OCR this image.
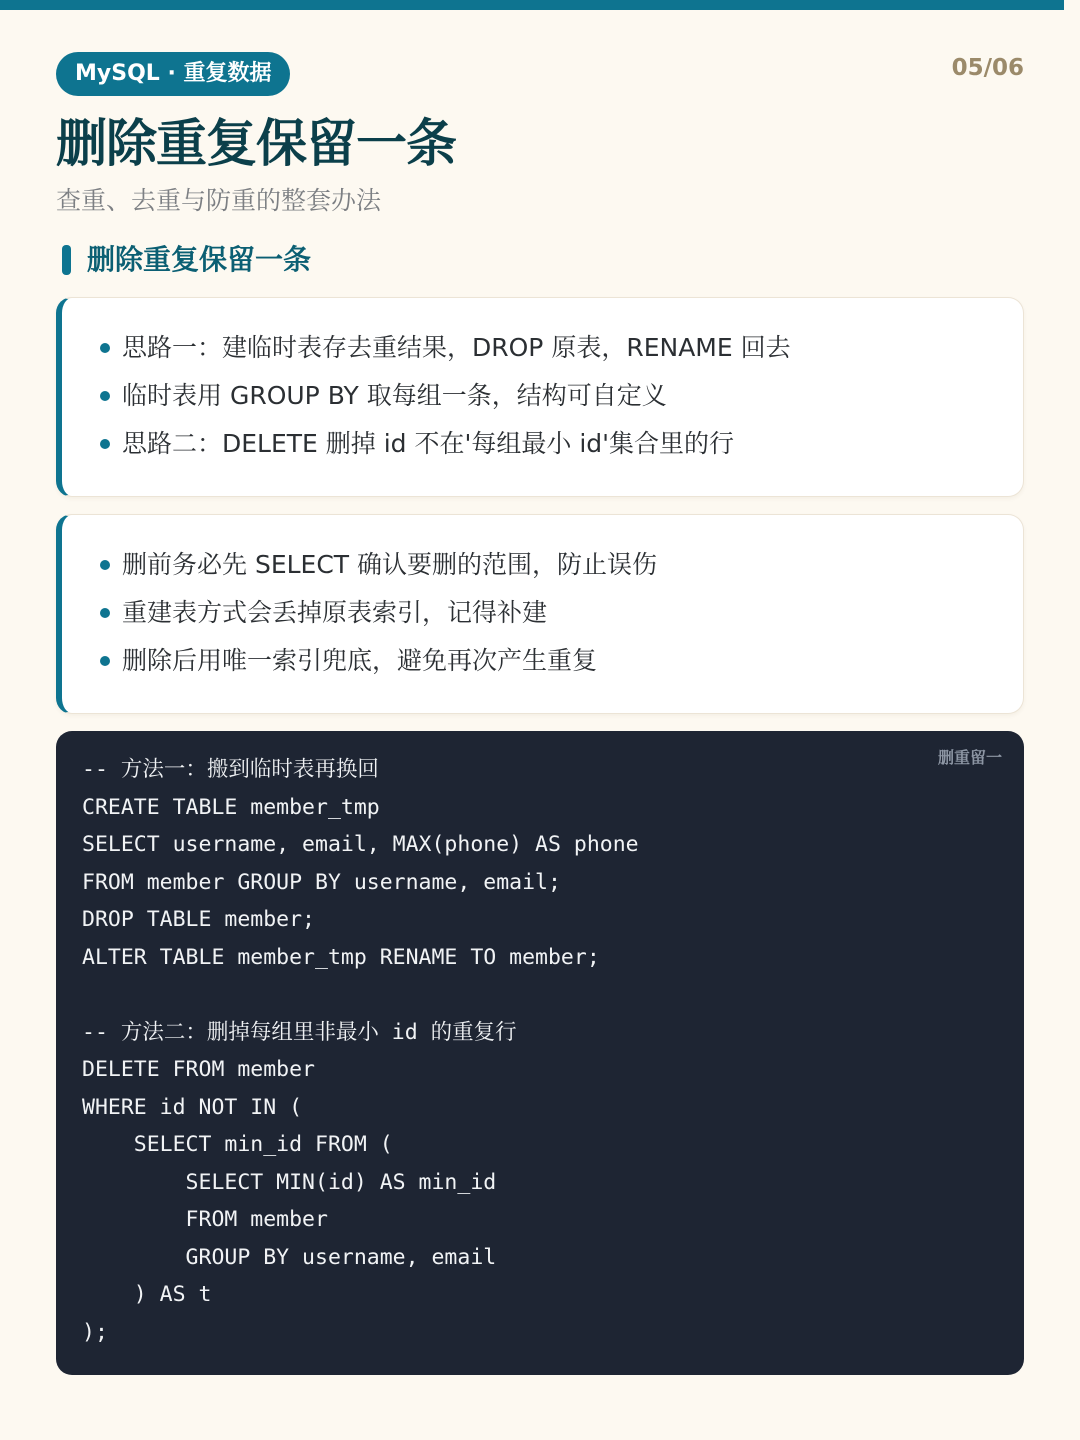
MySQL · 重复数据	05/06
删除重复保留一条
查重、去重与防重的整套办法
删除重复保留一条
思路一：建临时表存去重结果，DROP 原表，RENAME 回去
临时表用 GROUP BY 取每组一条，结构可自定义
思路二：DELETE 删掉 id 不在'每组最小 id'集合里的行
删前务必先 SELECT 确认要删的范围，防止误伤
重建表方式会丢掉原表索引，记得补建
删除后用唯一索引兜底，避免再次产生重复
删重留一
-- 方法一：搬到临时表再换回
CREATE TABLE member_tmp
SELECT username, email, MAX(phone) AS phone
FROM member GROUP BY username, email;
DROP TABLE member;
ALTER TABLE member_tmp RENAME TO member;

-- 方法二：删掉每组里非最小 id 的重复行
DELETE FROM member
WHERE id NOT IN (
SELECT min_id FROM (
SELECT MIN(id) AS min_id
FROM member
GROUP BY username, email
) AS t
);
